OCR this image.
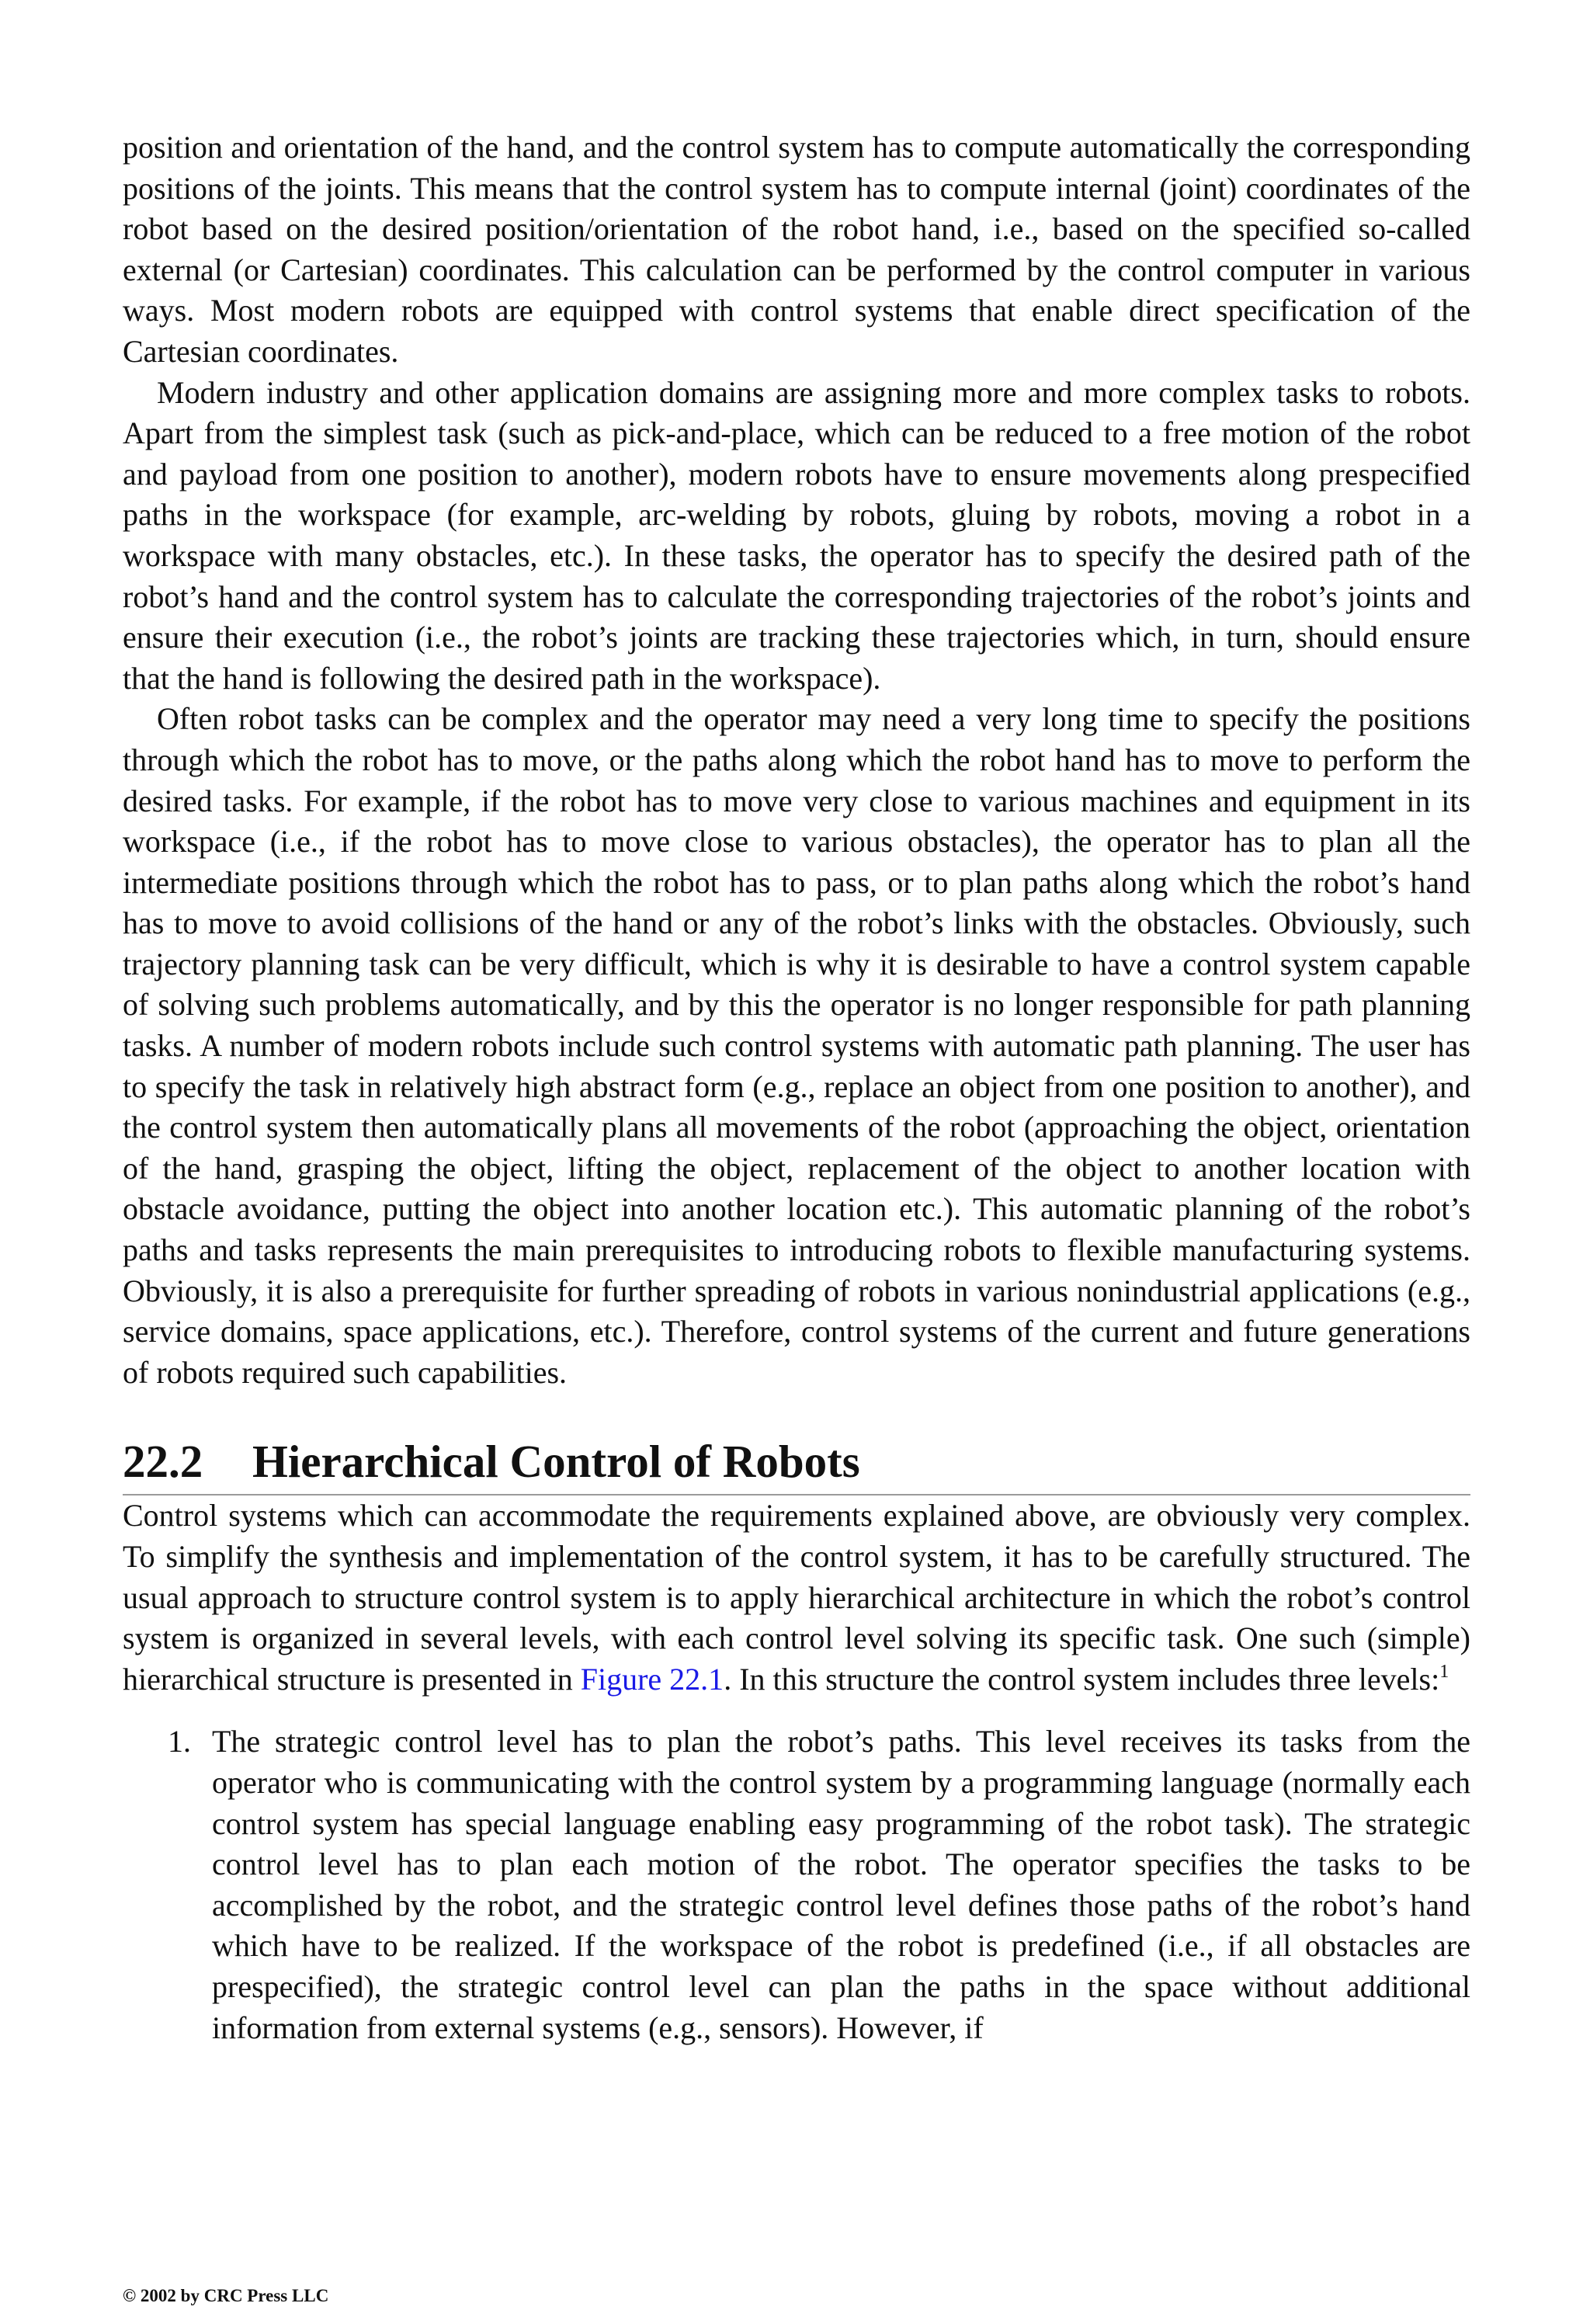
position and orientation of the hand, and the control system has to compute automatically the corresponding positions of the joints. This means that the control system has to compute internal (joint) coordinates of the robot based on the desired position/orientation of the robot hand, i.e., based on the specified so-called external (or Cartesian) coordinates. This calculation can be performed by the control computer in various ways. Most modern robots are equipped with control systems that enable direct specification of the Cartesian coordinates.

Modern industry and other application domains are assigning more and more complex tasks to robots. Apart from the simplest task (such as pick-and-place, which can be reduced to a free motion of the robot and payload from one position to another), modern robots have to ensure movements along prespecified paths in the workspace (for example, arc-welding by robots, gluing by robots, moving a robot in a workspace with many obstacles, etc.). In these tasks, the operator has to specify the desired path of the robot’s hand and the control system has to calculate the corresponding trajectories of the robot’s joints and ensure their execution (i.e., the robot’s joints are tracking these trajectories which, in turn, should ensure that the hand is following the desired path in the workspace).

Often robot tasks can be complex and the operator may need a very long time to specify the positions through which the robot has to move, or the paths along which the robot hand has to move to perform the desired tasks. For example, if the robot has to move very close to various machines and equipment in its workspace (i.e., if the robot has to move close to various obstacles), the operator has to plan all the intermediate positions through which the robot has to pass, or to plan paths along which the robot’s hand has to move to avoid collisions of the hand or any of the robot’s links with the obstacles. Obviously, such trajectory planning task can be very difficult, which is why it is desirable to have a control system capable of solving such problems automatically, and by this the operator is no longer responsible for path planning tasks. A number of modern robots include such control systems with automatic path planning. The user has to specify the task in relatively high abstract form (e.g., replace an object from one position to another), and the control system then automatically plans all movements of the robot (approaching the object, orientation of the hand, grasping the object, lifting the object, replacement of the object to another location with obstacle avoidance, putting the object into another location etc.). This automatic planning of the robot’s paths and tasks represents the main prerequisites to introducing robots to flexible manufacturing systems. Obviously, it is also a prerequisite for further spreading of robots in various nonindustrial applications (e.g., service domains, space applications, etc.). Therefore, control systems of the current and future generations of robots required such capabilities.

22.2 Hierarchical Control of Robots

Control systems which can accommodate the requirements explained above, are obviously very complex. To simplify the synthesis and implementation of the control system, it has to be carefully structured. The usual approach to structure control system is to apply hierarchical architecture in which the robot’s control system is organized in several levels, with each control level solving its specific task. One such (simple) hierarchical structure is presented in Figure 22.1. In this structure the control system includes three levels:$^1$

1. The strategic control level has to plan the robot’s paths. This level receives its tasks from the operator who is communicating with the control system by a programming language (normally each control system has special language enabling easy programming of the robot task). The strategic control level has to plan each motion of the robot. The operator specifies the tasks to be accomplished by the robot, and the strategic control level defines those paths of the robot’s hand which have to be realized. If the workspace of the robot is predefined (i.e., if all obstacles are prespecified), the strategic control level can plan the paths in the space without additional information from external systems (e.g., sensors). However, if
© 2002 by CRC Press LLC
